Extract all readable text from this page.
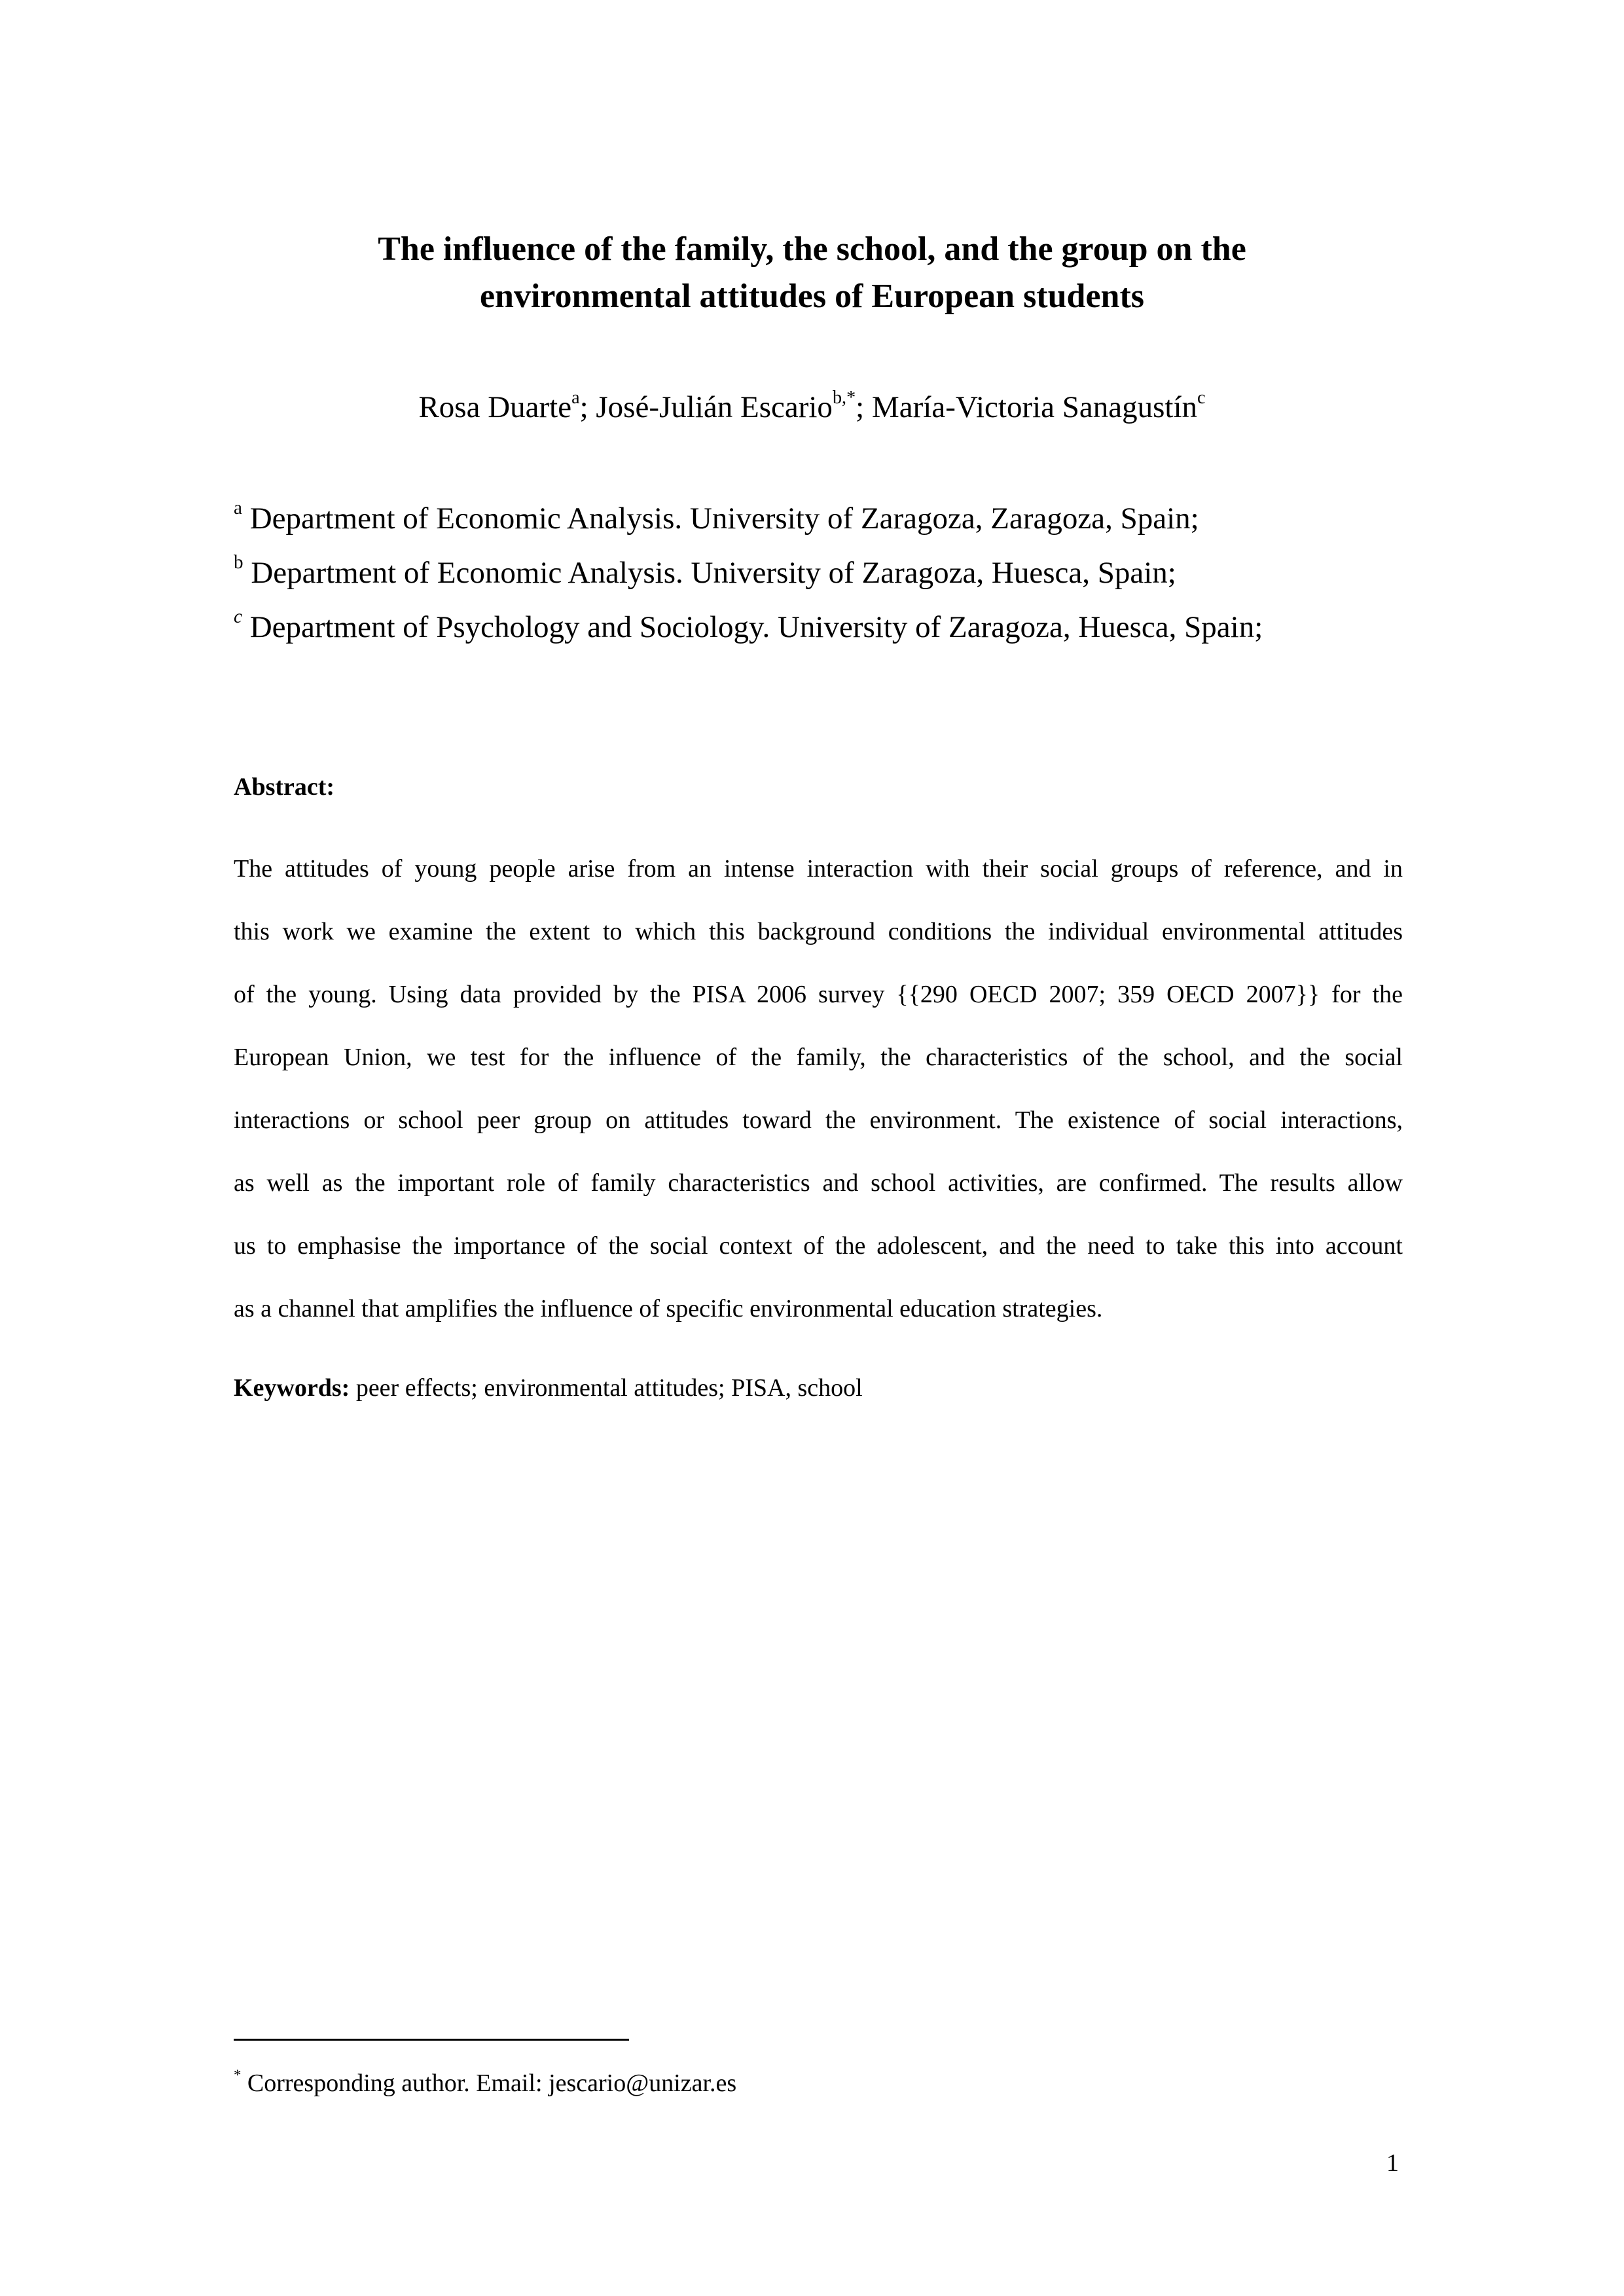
The influence of the family, the school, and the group on the
environmental attitudes of European students
Rosa Duarte$^a$; José-Julián Escario$^{b,*}$; María-Victoria Sanagustín$^c$
$^a$ Department of Economic Analysis. University of Zaragoza, Zaragoza, Spain;
$^b$ Department of Economic Analysis. University of Zaragoza, Huesca, Spain;
$^c$ Department of Psychology and Sociology. University of Zaragoza, Huesca, Spain;
Abstract:
The attitudes of young people arise from an intense interaction with their social groups of reference, and in
this work we examine the extent to which this background conditions the individual environmental attitudes
of the young. Using data provided by the PISA 2006 survey {{290 OECD 2007; 359 OECD 2007}} for the
European Union, we test for the influence of the family, the characteristics of the school, and the social
interactions or school peer group on attitudes toward the environment. The existence of social interactions,
as well as the important role of family characteristics and school activities, are confirmed. The results allow
us to emphasise the importance of the social context of the adolescent, and the need to take this into account
as a channel that amplifies the influence of specific environmental education strategies.
Keywords: peer effects; environmental attitudes; PISA, school
* Corresponding author. Email: jescario@unizar.es
1
